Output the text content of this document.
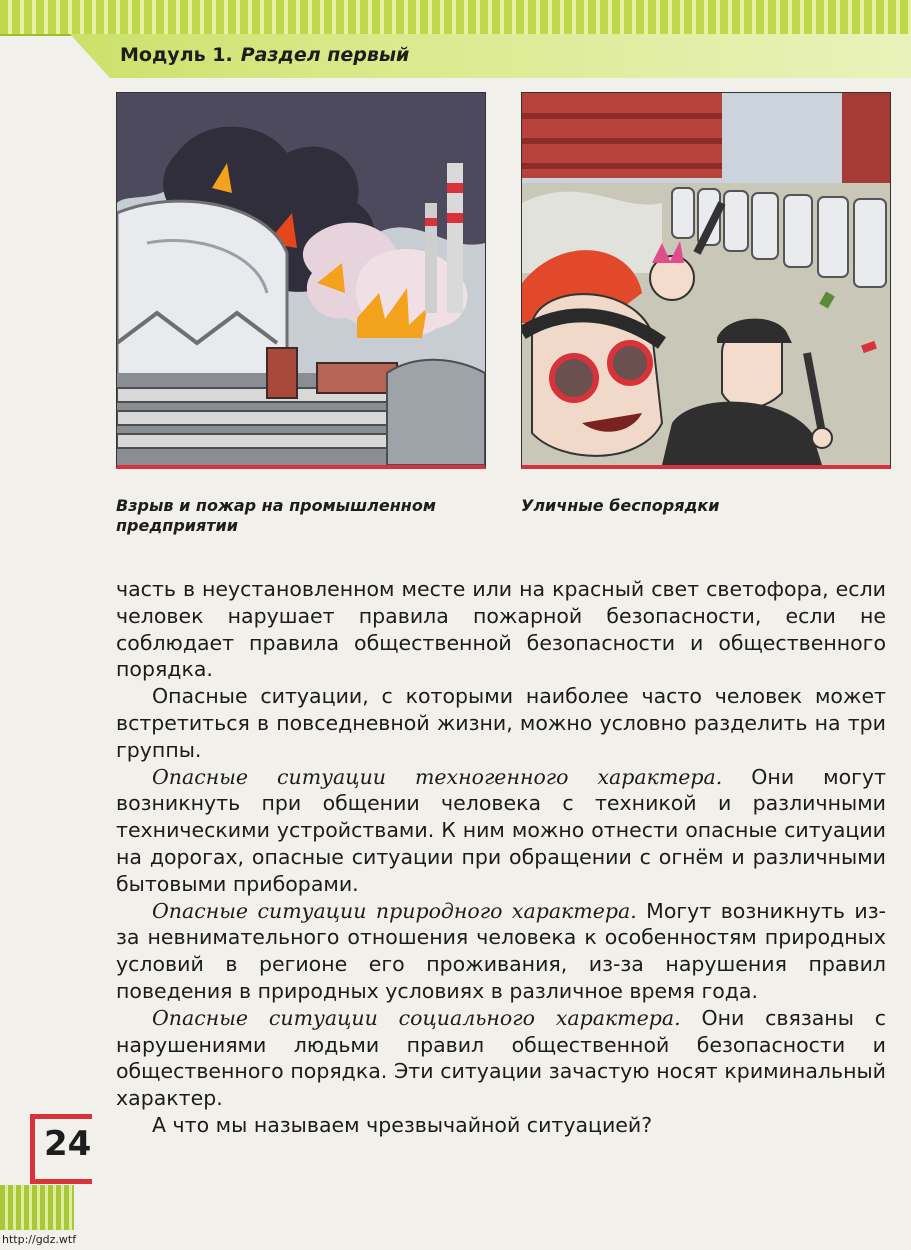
Модуль 1. Раздел первый
Взрыв и пожар на промышленном предприятии
Уличные беспорядки

часть в неустановленном месте или на красный свет светофора, если человек нарушает правила пожарной безопасности, если не соблюдает правила общественной безопасности и общественного порядка.

Опасные ситуации, с которыми наиболее часто человек может встретиться в повседневной жизни, можно условно разделить на три группы.

Опасные ситуации техногенного характера. Они могут возникнуть при общении человека с техникой и различными техническими устройствами. К ним можно отнести опасные ситуации на дорогах, опасные ситуации при обращении с огнём и различными бытовыми приборами.

Опасные ситуации природного характера. Могут возникнуть из-за невнимательного отношения человека к особенностям природных условий в регионе его проживания, из-за нарушения правил поведения в природных условиях в различное время года.

Опасные ситуации социального характера. Они связаны с нарушениями людьми правил общественной безопасности и общественного порядка. Эти ситуации зачастую носят криминальный характер.

А что мы называем чрезвычайной ситуацией?

24
http://gdz.wtf
